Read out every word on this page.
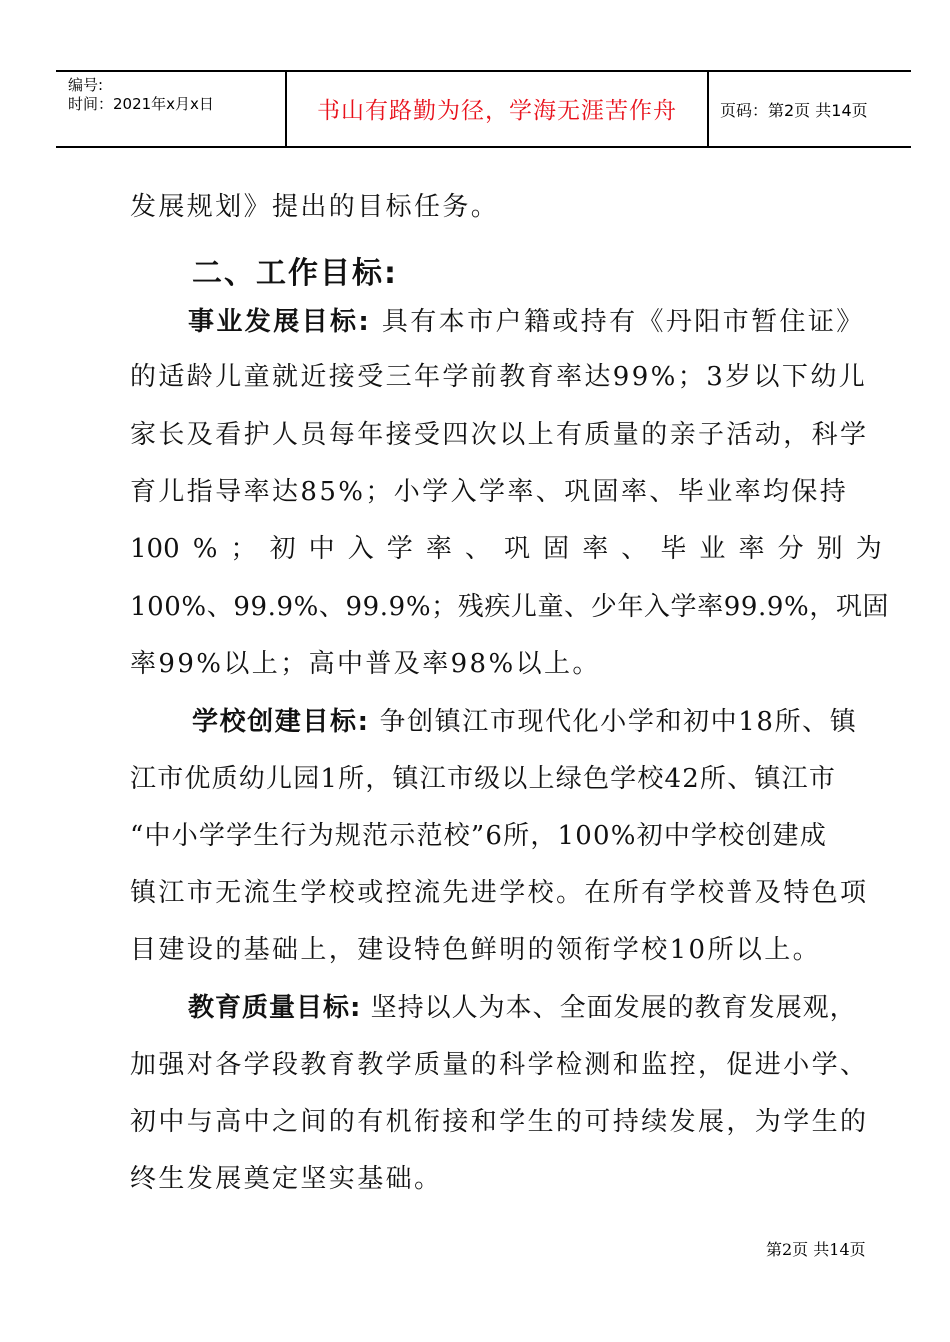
编号:
时间：2021年x月x日	书山有路勤为径，学海无涯苦作舟	页码：第2页 共14页
发展规划》提出的目标任务。
二、工作目标:
事业发展目标: 具有本市户籍或持有《丹阳市暂住证》
的适龄儿童就近接受三年学前教育率达99%；3岁以下幼儿
家长及看护人员每年接受四次以上有质量的亲子活动，科学
育儿指导率达85%；小学入学率、巩固率、毕业率均保持
100 % ； 初 中 入 学 率 、 巩 固 率 、 毕 业 率 分 别 为
100%、99.9%、99.9%；残疾儿童、少年入学率99.9%，巩固
率99%以上；高中普及率98%以上。
学校创建目标: 争创镇江市现代化小学和初中18所、镇
江市优质幼儿园1所，镇江市级以上绿色学校42所、镇江市
“中小学学生行为规范示范校”6所，100%初中学校创建成
镇江市无流生学校或控流先进学校。在所有学校普及特色项
目建设的基础上，建设特色鲜明的领衔学校10所以上。
教育质量目标: 坚持以人为本、全面发展的教育发展观，
加强对各学段教育教学质量的科学检测和监控，促进小学、
初中与高中之间的有机衔接和学生的可持续发展，为学生的
终生发展奠定坚实基础。
第2页 共14页
